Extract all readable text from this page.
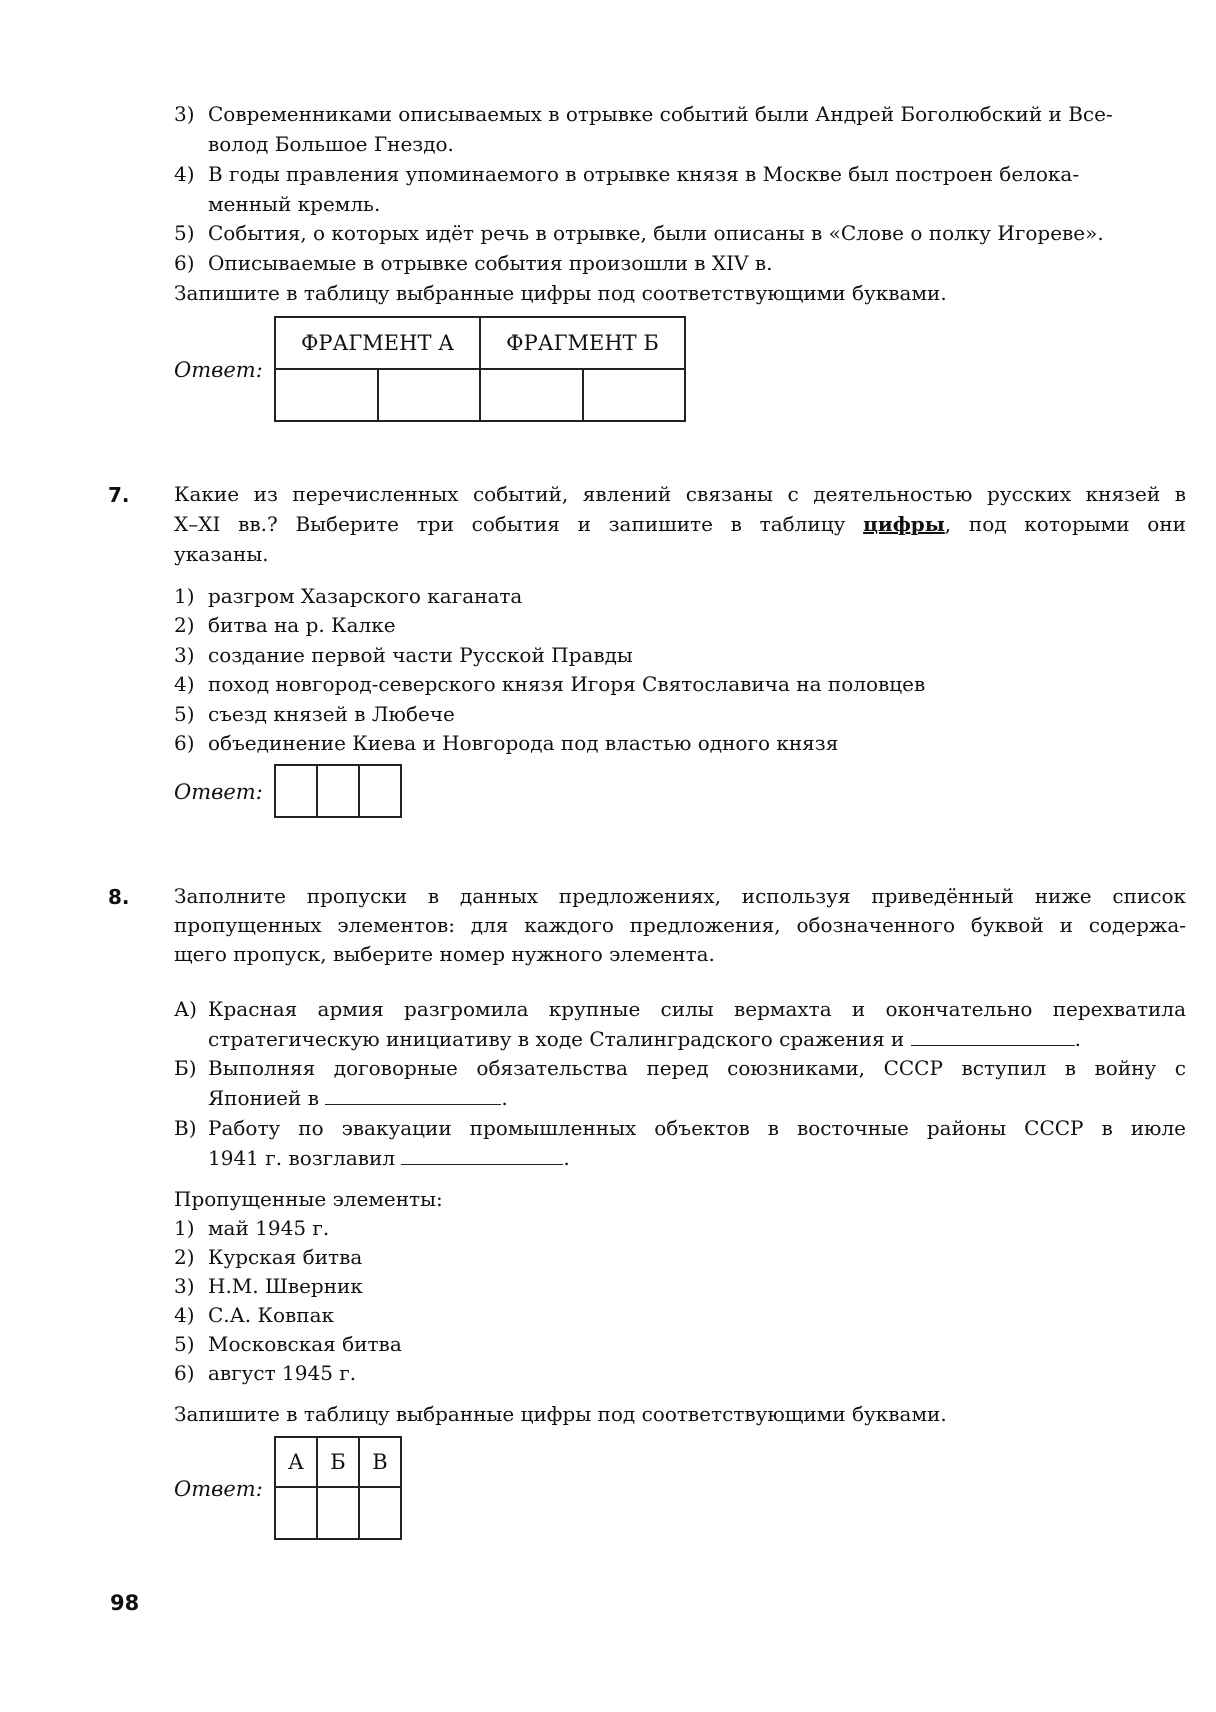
3) Современниками описываемых в отрывке событий были Андрей Боголюбский и Все-
волод Большое Гнездо.
4) В годы правления упоминаемого в отрывке князя в Москве был построен белока-
менный кремль.
5) События, о которых идёт речь в отрывке, были описаны в «Слове о полку Игореве».
6) Описываемые в отрывке события произошли в XIV в.
Запишите в таблицу выбранные цифры под соответствующими буквами.
Ответ:
ФРАГМЕНТ А		ФРАГМЕНТ Б	

7. Какие из перечисленных событий, явлений связаны с деятельностью русских князей в
X–XI вв.? Выберите три события и запишите в таблицу цифры, под которыми они
указаны.
1) разгром Хазарского каганата
2) битва на р. Калке
3) создание первой части Русской Правды
4) поход новгород-северского князя Игоря Святославича на половцев
5) съезд князей в Любече
6) объединение Киева и Новгорода под властью одного князя
Ответ:

8. Заполните пропуски в данных предложениях, используя приведённый ниже список
пропущенных элементов: для каждого предложения, обозначенного буквой и содержа-
щего пропуск, выберите номер нужного элемента.
А) Красная армия разгромила крупные силы вермахта и окончательно перехватила
стратегическую инициативу в ходе Сталинградского сражения и	.
Б) Выполняя договорные обязательства перед союзниками, СССР вступил в войну с
Японией в	.
В) Работу по эвакуации промышленных объектов в восточные районы СССР в июле
1941 г. возглавил	.
Пропущенные элементы:
1) май 1945 г.
2) Курская битва
3) Н.М. Шверник
4) С.А. Ковпак
5) Московская битва
6) август 1945 г.
Запишите в таблицу выбранные цифры под соответствующими буквами.
Ответ:
А	Б	В

98
